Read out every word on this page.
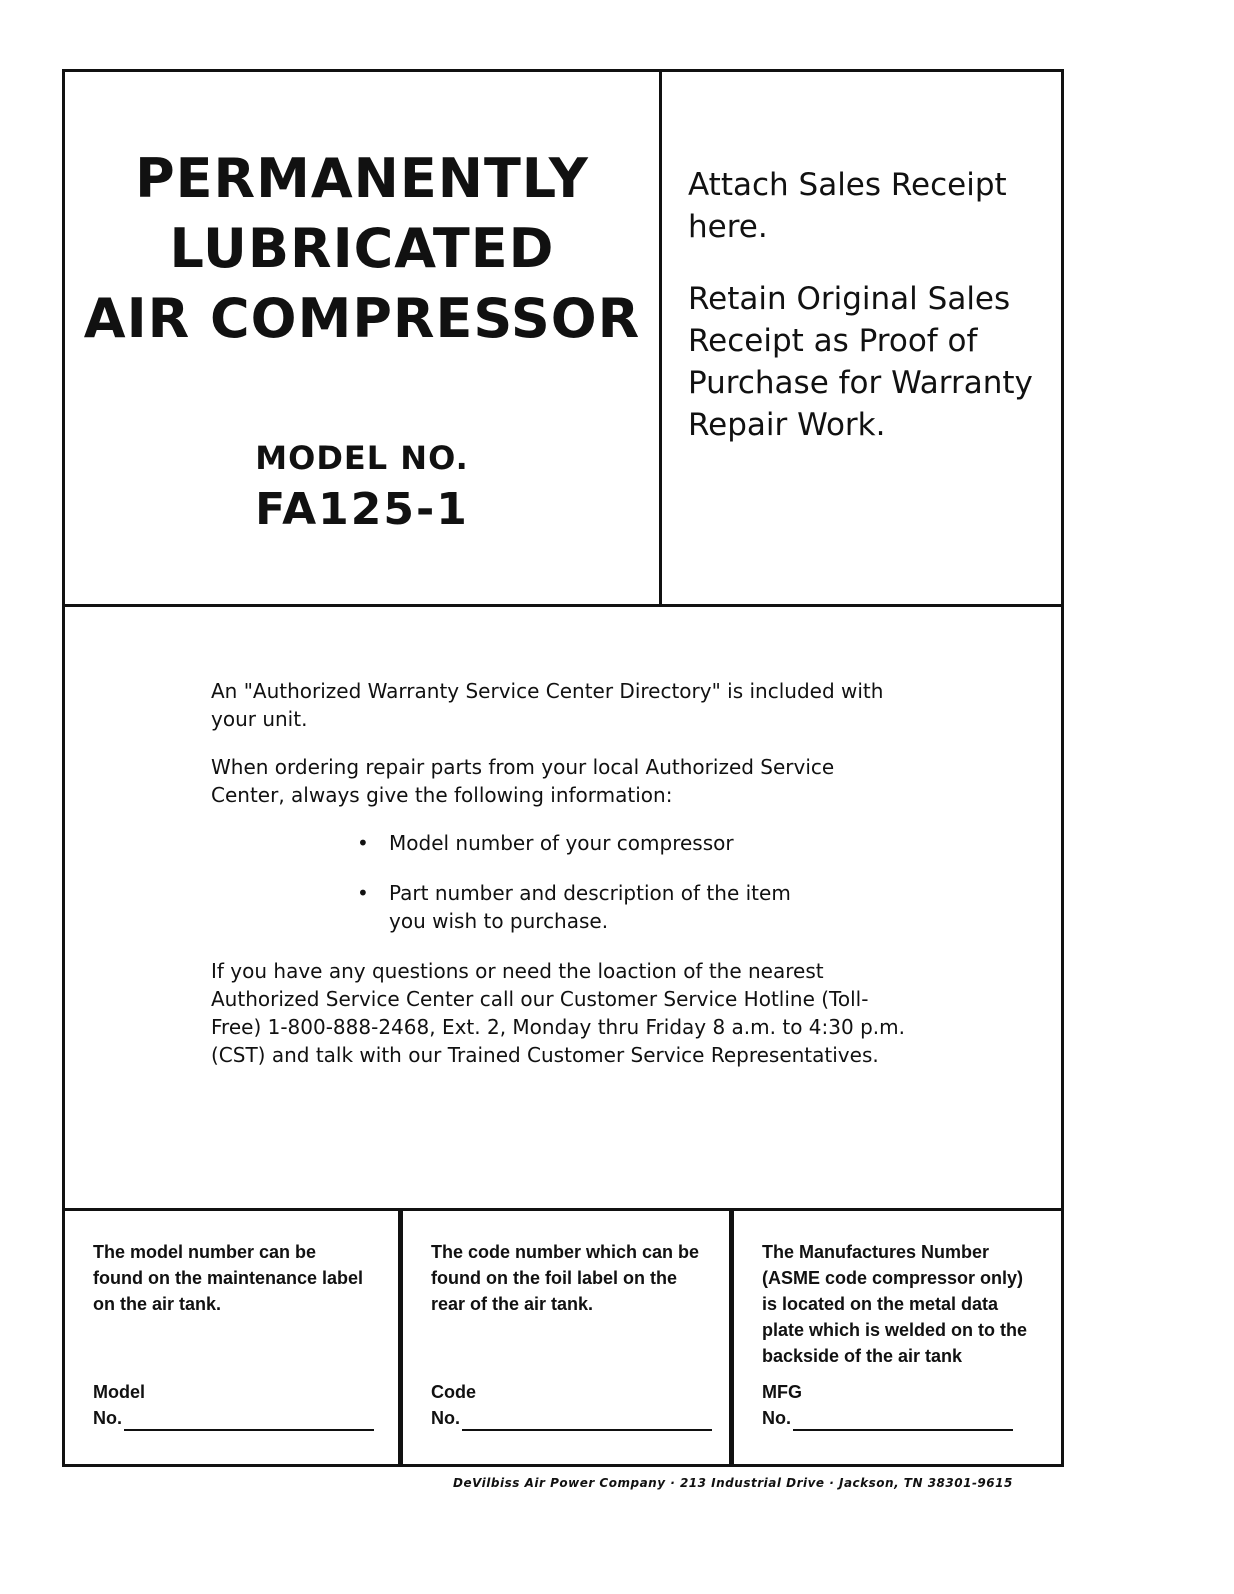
PERMANENTLY
LUBRICATED
AIR COMPRESSOR
MODEL NO.
FA125-1

Attach Sales Receipt here.

Retain Original Sales Receipt as Proof of Purchase for Warranty Repair Work.

An "Authorized Warranty Service Center Directory" is included with your unit.

When ordering repair parts from your local Authorized Service Center, always give the following information:

• Model number of your compressor
• Part number and description of the item you wish to purchase.

If you have any questions or need the loaction of the nearest Authorized Service Center call our Customer Service Hotline (Toll-Free) 1-800-888-2468, Ext. 2, Monday thru Friday 8 a.m. to 4:30 p.m. (CST) and talk with our Trained Customer Service Representatives.

The model number can be found on the maintenance label on the air tank.
Model
No.
The code number which can be found on the foil label on the rear of the air tank.
Code
No.
The Manufactures Number (ASME code compressor only) is located on the metal data plate which is welded on to the backside of the air tank
MFG
No.
DeVilbiss Air Power Company · 213 Industrial Drive · Jackson, TN 38301-9615
